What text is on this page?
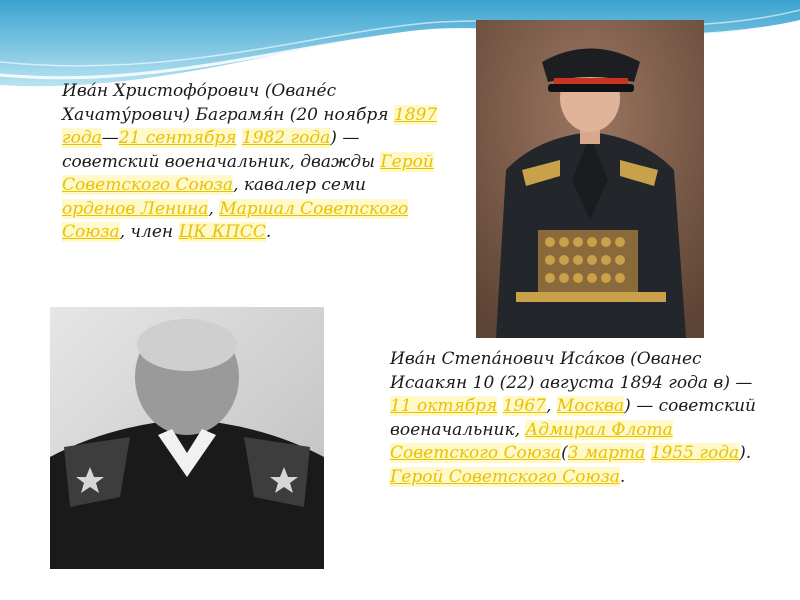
Ива́н Христофо́рович (Ованéс Хачату́рович) Баграмя́н (20 ноября 1897 года—21 сентября 1982 года) — советский военачальник, дважды Герой Советского Союза, кавалер семи орденов Ленина, Маршал Советского Союза, член ЦК КПСС.
Ива́н Степа́нович Иса́ков (Ованес Исаакян 10 (22) августа 1894 года в) — 11 октября 1967, Москва) — советский военачальник, Адмирал Флота Советского Союза(3 марта 1955 года). Герой Советского Союза.
